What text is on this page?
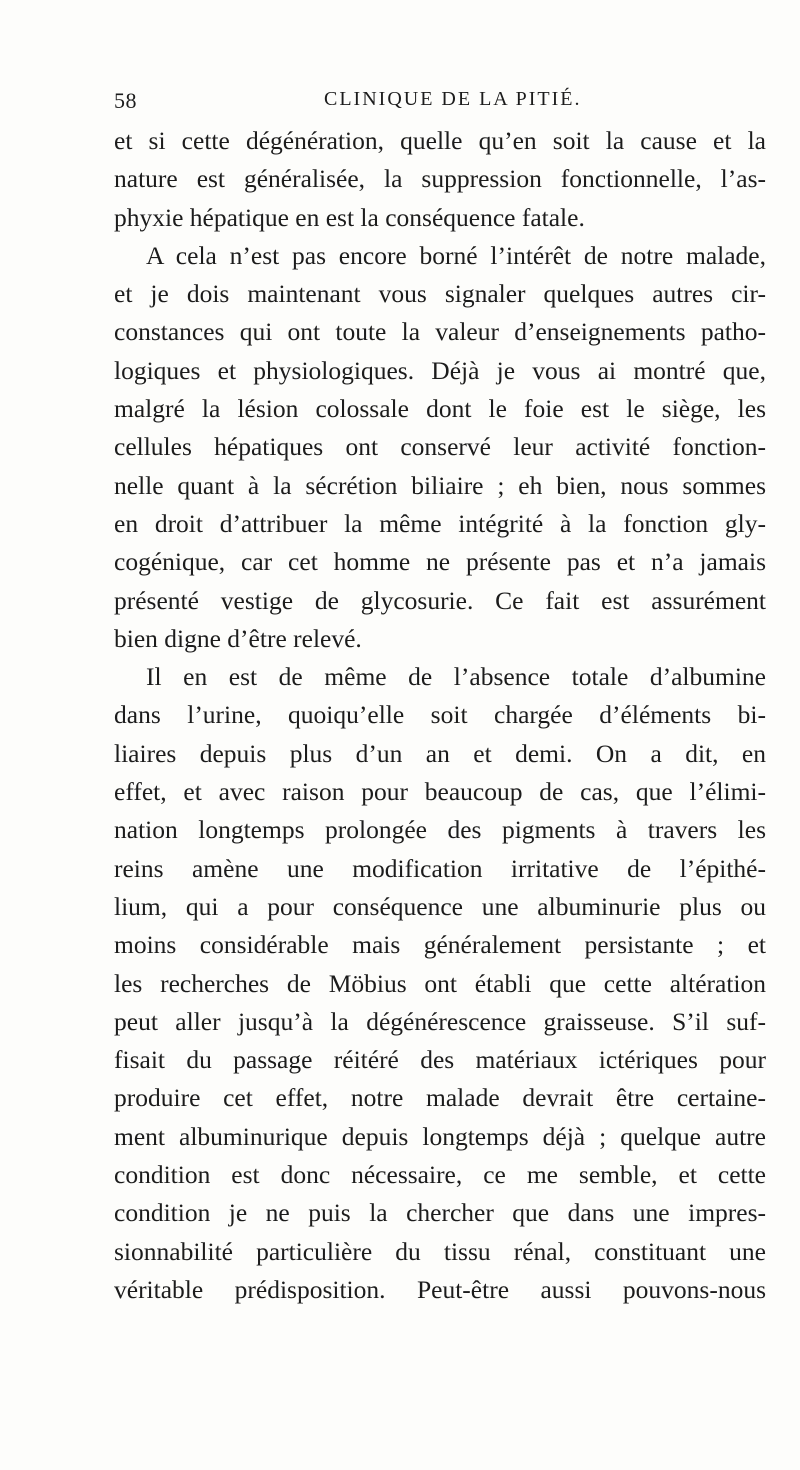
58	CLINIQUE DE LA PITIÉ.
et si cette dégénération, quelle qu’en soit la cause et la
nature est généralisée, la suppression fonctionnelle, l’as-
phyxie hépatique en est la conséquence fatale.
A cela n’est pas encore borné l’intérêt de notre malade,
et je dois maintenant vous signaler quelques autres cir-
constances qui ont toute la valeur d’enseignements patho-
logiques et physiologiques. Déjà je vous ai montré que,
malgré la lésion colossale dont le foie est le siège, les
cellules hépatiques ont conservé leur activité fonction-
nelle quant à la sécrétion biliaire ; eh bien, nous sommes
en droit d’attribuer la même intégrité à la fonction gly-
cogénique, car cet homme ne présente pas et n’a jamais
présenté vestige de glycosurie. Ce fait est assurément
bien digne d’être relevé.
Il en est de même de l’absence totale d’albumine
dans l’urine, quoiqu’elle soit chargée d’éléments bi-
liaires depuis plus d’un an et demi. On a dit, en
effet, et avec raison pour beaucoup de cas, que l’élimi-
nation longtemps prolongée des pigments à travers les
reins amène une modification irritative de l’épithé-
lium, qui a pour conséquence une albuminurie plus ou
moins considérable mais généralement persistante ; et
les recherches de Möbius ont établi que cette altération
peut aller jusqu’à la dégénérescence graisseuse. S’il suf-
fisait du passage réitéré des matériaux ictériques pour
produire cet effet, notre malade devrait être certaine-
ment albuminurique depuis longtemps déjà ; quelque autre
condition est donc nécessaire, ce me semble, et cette
condition je ne puis la chercher que dans une impres-
sionnabilité particulière du tissu rénal, constituant une
véritable prédisposition. Peut-être aussi pouvons-nous
